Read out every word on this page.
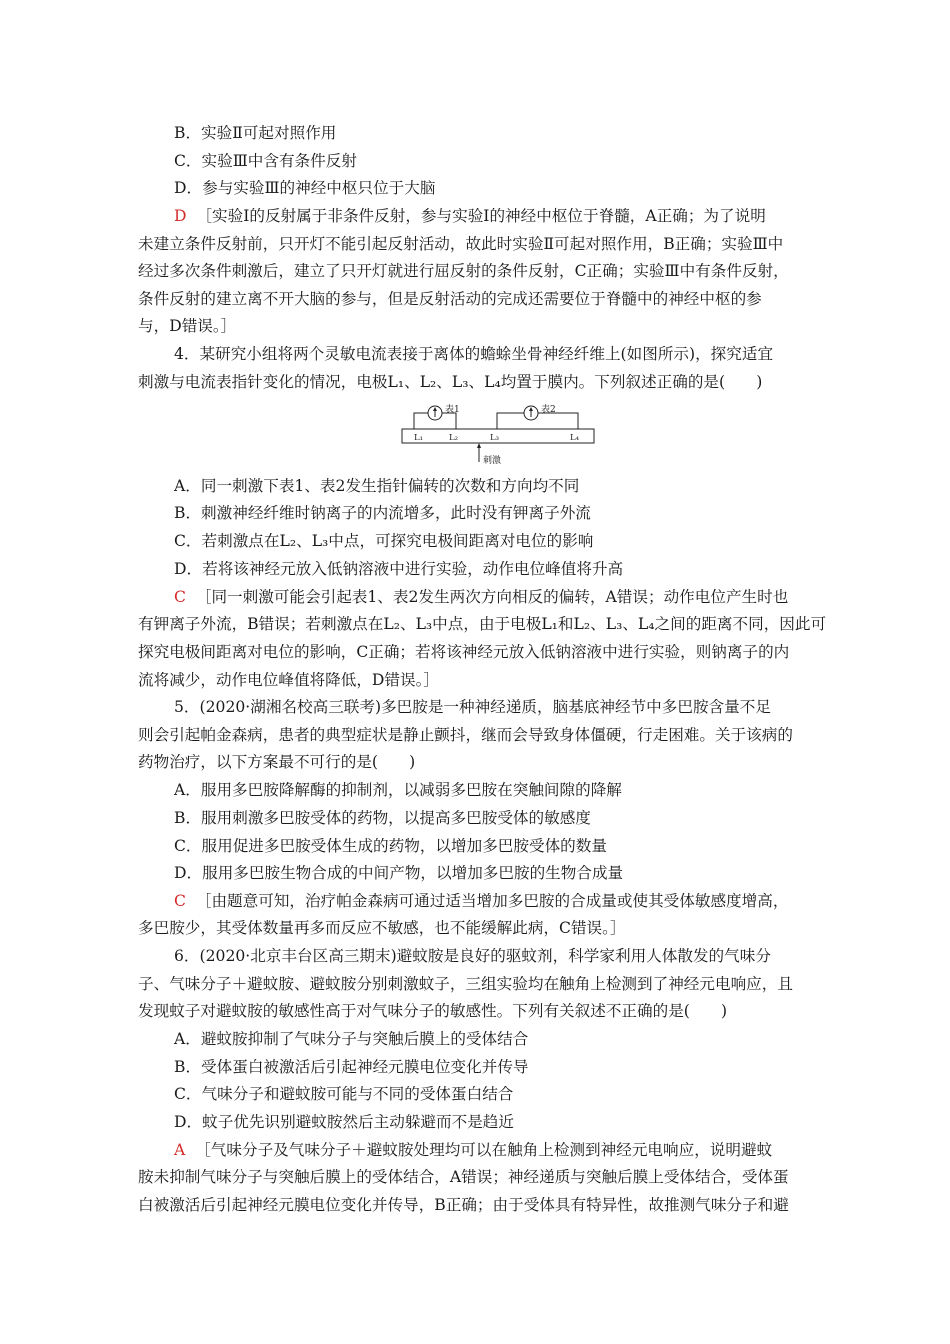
B．实验Ⅱ可起对照作用
C．实验Ⅲ中含有条件反射
D．参与实验Ⅲ的神经中枢只位于大脑
D ［实验Ⅰ的反射属于非条件反射，参与实验Ⅰ的神经中枢位于脊髓，A正确；为了说明
未建立条件反射前，只开灯不能引起反射活动，故此时实验Ⅱ可起对照作用，B正确；实验Ⅲ中
经过多次条件刺激后，建立了只开灯就进行屈反射的条件反射，C正确；实验Ⅲ中有条件反射，
条件反射的建立离不开大脑的参与，但是反射活动的完成还需要位于脊髓中的神经中枢的参
与，D错误。］
4．某研究小组将两个灵敏电流表接于离体的蟾蜍坐骨神经纤维上(如图所示)，探究适宜
刺激与电流表指针变化的情况，电极L₁、L₂、L₃、L₄均置于膜内。下列叙述正确的是(　　)
表1	表2
L₁	L₂	L₃	L₄
刺激
A．同一刺激下表1、表2发生指针偏转的次数和方向均不同
B．刺激神经纤维时钠离子的内流增多，此时没有钾离子外流
C．若刺激点在L₂、L₃中点，可探究电极间距离对电位的影响
D．若将该神经元放入低钠溶液中进行实验，动作电位峰值将升高
C ［同一刺激可能会引起表1、表2发生两次方向相反的偏转，A错误；动作电位产生时也
有钾离子外流，B错误；若刺激点在L₂、L₃中点，由于电极L₁和L₂、L₃、L₄之间的距离不同，因此可
探究电极间距离对电位的影响，C正确；若将该神经元放入低钠溶液中进行实验，则钠离子的内
流将减少，动作电位峰值将降低，D错误。］
5．(2020·湖湘名校高三联考)多巴胺是一种神经递质，脑基底神经节中多巴胺含量不足
则会引起帕金森病，患者的典型症状是静止颤抖，继而会导致身体僵硬，行走困难。关于该病的
药物治疗，以下方案最不可行的是(　　)
A．服用多巴胺降解酶的抑制剂，以减弱多巴胺在突触间隙的降解
B．服用刺激多巴胺受体的药物，以提高多巴胺受体的敏感度
C．服用促进多巴胺受体生成的药物，以增加多巴胺受体的数量
D．服用多巴胺生物合成的中间产物，以增加多巴胺的生物合成量
C ［由题意可知，治疗帕金森病可通过适当增加多巴胺的合成量或使其受体敏感度增高，
多巴胺少，其受体数量再多而反应不敏感，也不能缓解此病，C错误。］
6．(2020·北京丰台区高三期末)避蚊胺是良好的驱蚊剂，科学家利用人体散发的气味分
子、气味分子＋避蚊胺、避蚊胺分别刺激蚊子，三组实验均在触角上检测到了神经元电响应，且
发现蚊子对避蚊胺的敏感性高于对气味分子的敏感性。下列有关叙述不正确的是(　　)
A．避蚊胺抑制了气味分子与突触后膜上的受体结合
B．受体蛋白被激活后引起神经元膜电位变化并传导
C．气味分子和避蚊胺可能与不同的受体蛋白结合
D．蚊子优先识别避蚊胺然后主动躲避而不是趋近
A ［气味分子及气味分子＋避蚊胺处理均可以在触角上检测到神经元电响应，说明避蚊
胺未抑制气味分子与突触后膜上的受体结合，A错误；神经递质与突触后膜上受体结合，受体蛋
白被激活后引起神经元膜电位变化并传导，B正确；由于受体具有特异性，故推测气味分子和避
